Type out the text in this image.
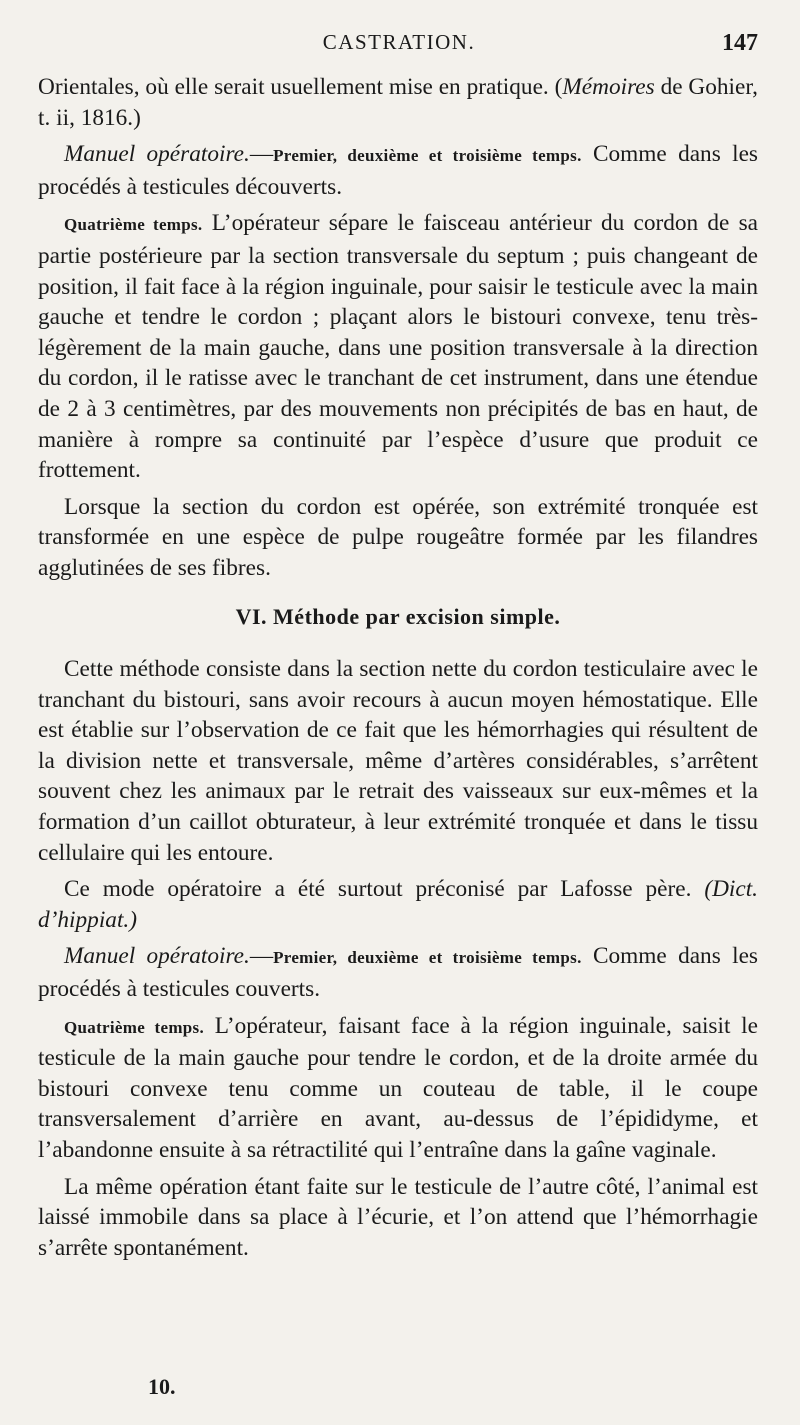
CASTRATION.	147

Orientales, où elle serait usuellement mise en pratique. (Mémoires de Gohier, t. ii, 1816.)

Manuel opératoire.—Premier, deuxième et troisième temps. Comme dans les procédés à testicules découverts.

Quatrième temps. L’opérateur sépare le faisceau antérieur du cordon de sa partie postérieure par la section transversale du septum ; puis changeant de position, il fait face à la région inguinale, pour saisir le testicule avec la main gauche et tendre le cordon ; plaçant alors le bistouri convexe, tenu très-légèrement de la main gauche, dans une position transversale à la direction du cordon, il le ratisse avec le tranchant de cet instrument, dans une étendue de 2 à 3 centimètres, par des mouvements non précipités de bas en haut, de manière à rompre sa continuité par l’espèce d’usure que produit ce frottement.

Lorsque la section du cordon est opérée, son extrémité tronquée est transformée en une espèce de pulpe rougeâtre formée par les filandres agglutinées de ses fibres.

VI. Méthode par excision simple.

Cette méthode consiste dans la section nette du cordon testiculaire avec le tranchant du bistouri, sans avoir recours à aucun moyen hémostatique. Elle est établie sur l’observation de ce fait que les hémorrhagies qui résultent de la division nette et transversale, même d’artères considérables, s’arrêtent souvent chez les animaux par le retrait des vaisseaux sur eux-mêmes et la formation d’un caillot obturateur, à leur extrémité tronquée et dans le tissu cellulaire qui les entoure.

Ce mode opératoire a été surtout préconisé par Lafosse père. (Dict. d’hippiat.)

Manuel opératoire.—Premier, deuxième et troisième temps. Comme dans les procédés à testicules couverts.

Quatrième temps. L’opérateur, faisant face à la région inguinale, saisit le testicule de la main gauche pour tendre le cordon, et de la droite armée du bistouri convexe tenu comme un couteau de table, il le coupe transversalement d’arrière en avant, au-dessus de l’épididyme, et l’abandonne ensuite à sa rétractilité qui l’entraîne dans la gaîne vaginale.

La même opération étant faite sur le testicule de l’autre côté, l’animal est laissé immobile dans sa place à l’écurie, et l’on attend que l’hémorrhagie s’arrête spontanément.

10.
